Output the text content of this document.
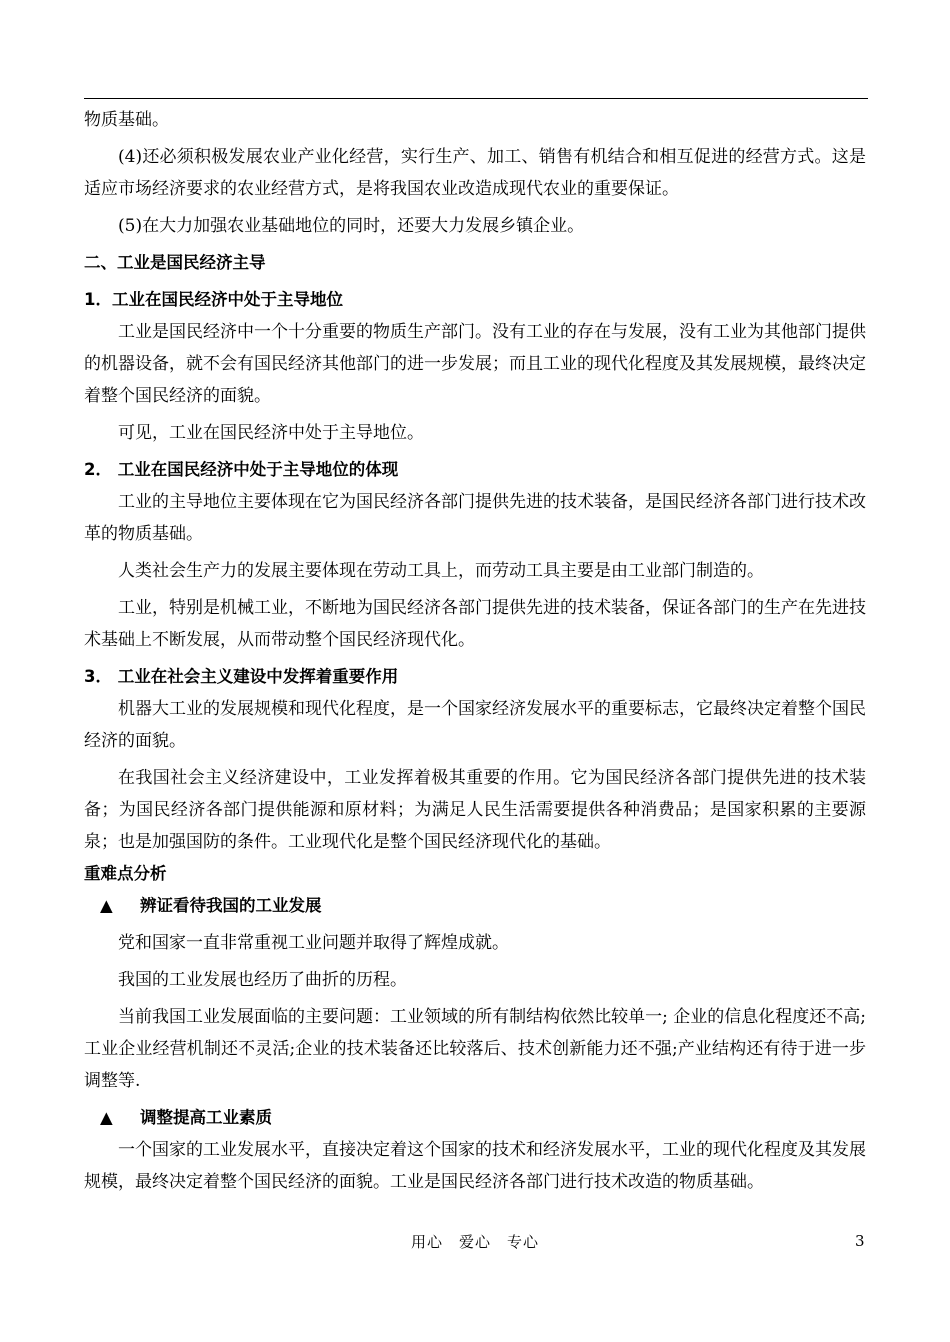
物质基础。

(4)还必须积极发展农业产业化经营，实行生产、加工、销售有机结合和相互促进的经营方式。这是适应市场经济要求的农业经营方式，是将我国农业改造成现代农业的重要保证。

(5)在大力加强农业基础地位的同时，还要大力发展乡镇企业。

二、工业是国民经济主导

1．工业在国民经济中处于主导地位

工业是国民经济中一个十分重要的物质生产部门。没有工业的存在与发展，没有工业为其他部门提供的机器设备，就不会有国民经济其他部门的进一步发展；而且工业的现代化程度及其发展规模，最终决定着整个国民经济的面貌。

可见，工业在国民经济中处于主导地位。

2． 工业在国民经济中处于主导地位的体现

工业的主导地位主要体现在它为国民经济各部门提供先进的技术装备，是国民经济各部门进行技术改革的物质基础。

人类社会生产力的发展主要体现在劳动工具上，而劳动工具主要是由工业部门制造的。

工业，特别是机械工业，不断地为国民经济各部门提供先进的技术装备，保证各部门的生产在先进技术基础上不断发展，从而带动整个国民经济现代化。

3． 工业在社会主义建设中发挥着重要作用

机器大工业的发展规模和现代化程度，是一个国家经济发展水平的重要标志，它最终决定着整个国民经济的面貌。

在我国社会主义经济建设中，工业发挥着极其重要的作用。它为国民经济各部门提供先进的技术装备；为国民经济各部门提供能源和原材料；为满足人民生活需要提供各种消费品；是国家积累的主要源泉；也是加强国防的条件。工业现代化是整个国民经济现代化的基础。

重难点分析

▲ 辨证看待我国的工业发展

党和国家一直非常重视工业问题并取得了辉煌成就。

我国的工业发展也经历了曲折的历程。

当前我国工业发展面临的主要问题：工业领域的所有制结构依然比较单一; 企业的信息化程度还不高;工业企业经营机制还不灵活;企业的技术装备还比较落后、技术创新能力还不强;产业结构还有待于进一步调整等.

▲ 调整提高工业素质

一个国家的工业发展水平，直接决定着这个国家的技术和经济发展水平，工业的现代化程度及其发展规模，最终决定着整个国民经济的面貌。工业是国民经济各部门进行技术改造的物质基础。

用心　爱心　专心	3
